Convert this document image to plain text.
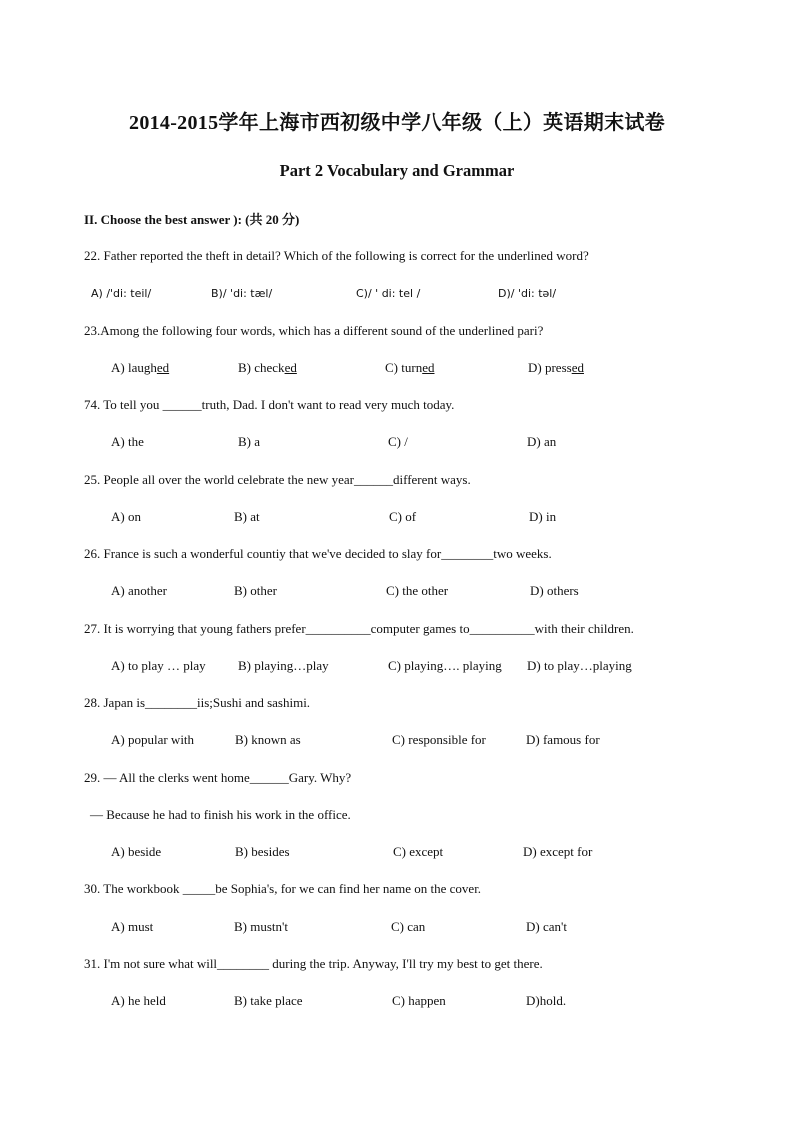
2014-2015学年上海市西初级中学八年级（上）英语期末试卷
Part 2 Vocabulary and Grammar
II. Choose the best answer ): (共 20 分)
22. Father reported the theft in detail? Which of the following is correct for the underlined word?
A) /'di: teil/	B)/ 'di: tæl/	C)/ ' di: tel /	D)/ 'di: təl/
23.Among the following four words, which has a different sound of the underlined pari?
A) laughed	B) checked	C) turned	D) pressed
74. To tell you ______truth, Dad. I don't want to read very much today.
A) the	B) a	C) /	D) an
25. People all over the world celebrate the new year______different ways.
A) on	B) at	C) of	D) in
26. France is such a wonderful countiy that we've decided to slay for________two weeks.
A) another	B) other	C) the other	D) others
27. It is worrying that young fathers prefer__________computer games to__________with their children.
A) to play … play B) playing…play	C) playing…. playing D) to play…playing
28. Japan is________iis;Sushi and sashimi.
A) popular with	B) known as	C) responsible for	D) famous for
29. — All the clerks went home______Gary. Why?
— Because he had to finish his work in the office.
A) beside	B) besides	C) except	D) except for
30. The workbook _____be Sophia's, for we can find her name on the cover.
A) must	B) mustn't	C) can	D) can't
31. I'm not sure what will________ during the trip. Anyway, I'll try my best to get there.
A) he held	B) take place	C) happen	D)hold.
